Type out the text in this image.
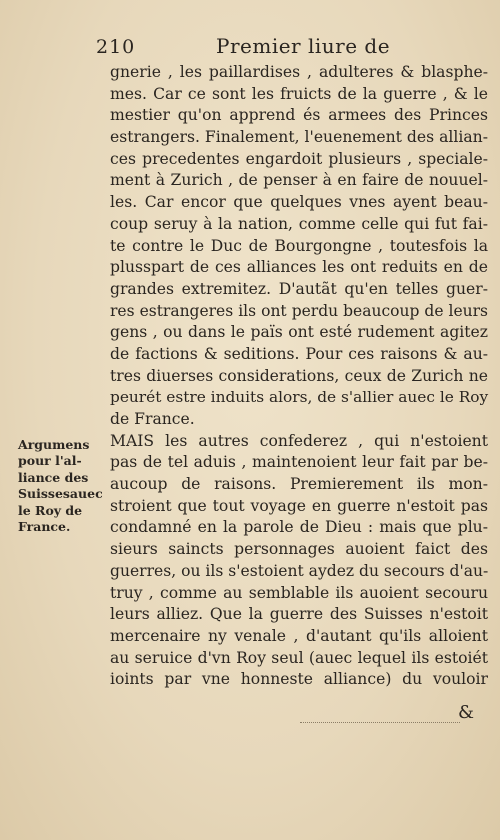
210	Premier liure de
gnerie , les paillardises , adulteres & blasphe-
mes. Car ce sont les fruicts de la guerre , & le
mestier qu'on apprend és armees des Princes
estrangers. Finalement, l'euenement des allian-
ces precedentes engardoit plusieurs , speciale-
ment à Zurich , de penser à en faire de nouuel-
les. Car encor que quelques vnes ayent beau-
coup seruy à la nation, comme celle qui fut fai-
te contre le Duc de Bourgongne , toutesfois la
plusspart de ces alliances les ont reduits en de
grandes extremitez. D'autãt qu'en telles guer-
res estrangeres ils ont perdu beaucoup de leurs
gens , ou dans le païs ont esté rudement agitez
de factions & seditions. Pour ces raisons & au-
tres diuerses considerations, ceux de Zurich ne
peurét estre induits alors, de s'allier auec le Roy
de France.
MAIS les autres confederez , qui n'estoient
pas de tel aduis , maintenoient leur fait par be-
aucoup de raisons. Premierement ils mon-
stroient que tout voyage en guerre n'estoit pas
condamné en la parole de Dieu : mais que plu-
sieurs saincts personnages auoient faict des
guerres, ou ils s'estoient aydez du secours d'au-
truy , comme au semblable ils auoient secouru
leurs alliez. Que la guerre des Suisses n'estoit
mercenaire ny venale , d'autant qu'ils alloient
au seruice d'vn Roy seul (auec lequel ils estoiét
ioints par vne honneste alliance) du vouloir
Argumens
pour l'al-
liance des
Suissesauec
le Roy de
France.
&
